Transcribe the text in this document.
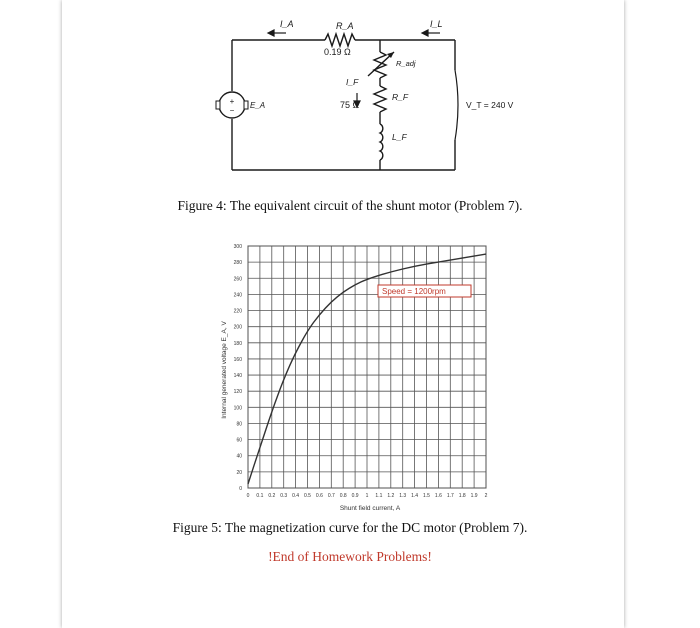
+
−
I_A	R_A
0.19 Ω
I_L
R_adj
I_F
R_F
75 Ω
L_F
E_A	V_T = 240 V
Figure 4: The equivalent circuit of the shunt motor (Problem 7).
0
20
40
60
80
100
120
140
160
180
200
220
240
260
280
300
0 0.1 0.2 0.3 0.4 0.5 0.6 0.7 0.8 0.9 1 1.1 1.2 1.3 1.4 1.5 1.6 1.7 1.8 1.9 2
Speed = 1200rpm
Shunt field current, A
Internal generated voltage E_A, V
Figure 5: The magnetization curve for the DC motor (Problem 7).
!End of Homework Problems!
